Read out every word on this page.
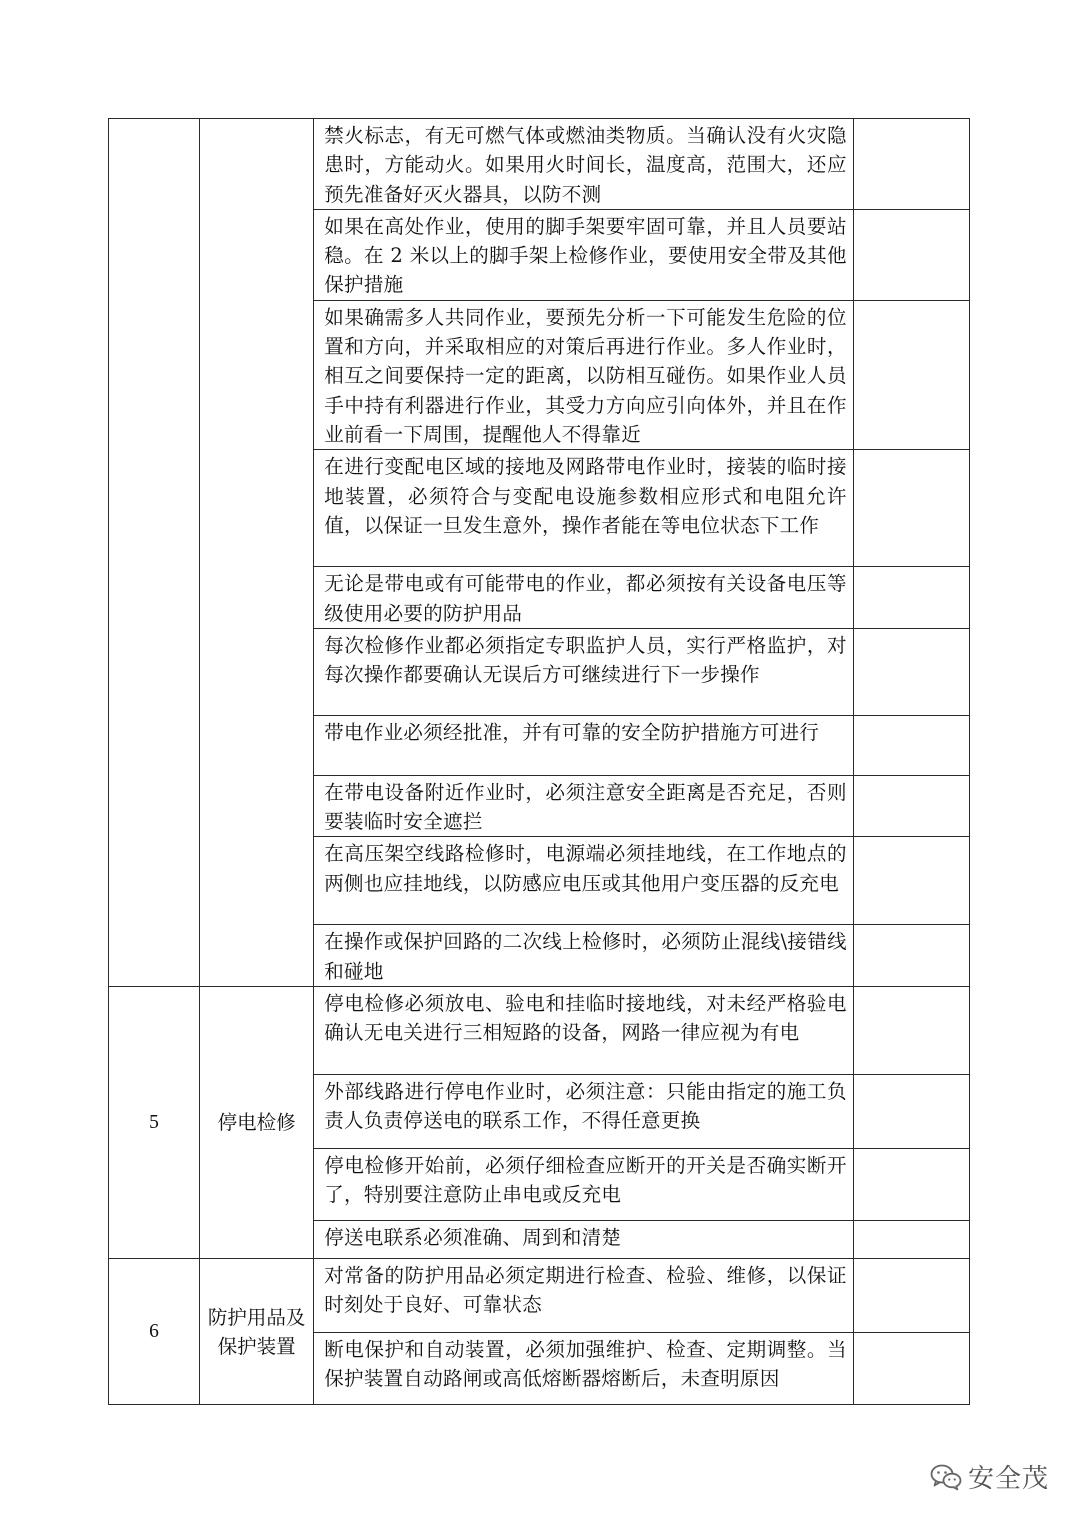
		禁火标志，有无可燃气体或燃油类物质。当确认没有火灾隐患时，方能动火。如果用火时间长，温度高，范围大，还应预先准备好灭火器具，以防不测	
		如果在高处作业，使用的脚手架要牢固可靠，并且人员要站稳。在 2 米以上的脚手架上检修作业，要使用安全带及其他保护措施	
		如果确需多人共同作业，要预先分析一下可能发生危险的位置和方向，并采取相应的对策后再进行作业。多人作业时，相互之间要保持一定的距离，以防相互碰伤。如果作业人员手中持有利器进行作业，其受力方向应引向体外，并且在作业前看一下周围，提醒他人不得靠近	
		在进行变配电区域的接地及网路带电作业时，接装的临时接地装置，必须符合与变配电设施参数相应形式和电阻允许值，以保证一旦发生意外，操作者能在等电位状态下工作	
		无论是带电或有可能带电的作业，都必须按有关设备电压等级使用必要的防护用品	
		每次检修作业都必须指定专职监护人员，实行严格监护，对每次操作都要确认无误后方可继续进行下一步操作	
		带电作业必须经批准，并有可靠的安全防护措施方可进行	
		在带电设备附近作业时，必须注意安全距离是否充足，否则要装临时安全遮拦	
		在高压架空线路检修时，电源端必须挂地线，在工作地点的两侧也应挂地线，以防感应电压或其他用户变压器的反充电	
		在操作或保护回路的二次线上检修时，必须防止混线\接错线和碰地	
5	停电检修	停电检修必须放电、验电和挂临时接地线，对未经严格验电确认无电关进行三相短路的设备，网路一律应视为有电	
		外部线路进行停电作业时，必须注意：只能由指定的施工负责人负责停送电的联系工作，不得任意更换	
		停电检修开始前，必须仔细检查应断开的开关是否确实断开了，特别要注意防止串电或反充电	
		停送电联系必须准确、周到和清楚	
6	防护用品及保护装置	对常备的防护用品必须定期进行检查、检验、维修，以保证时刻处于良好、可靠状态	
		断电保护和自动装置，必须加强维护、检查、定期调整。当保护装置自动路闸或高低熔断器熔断后，未查明原因	
安全茂
